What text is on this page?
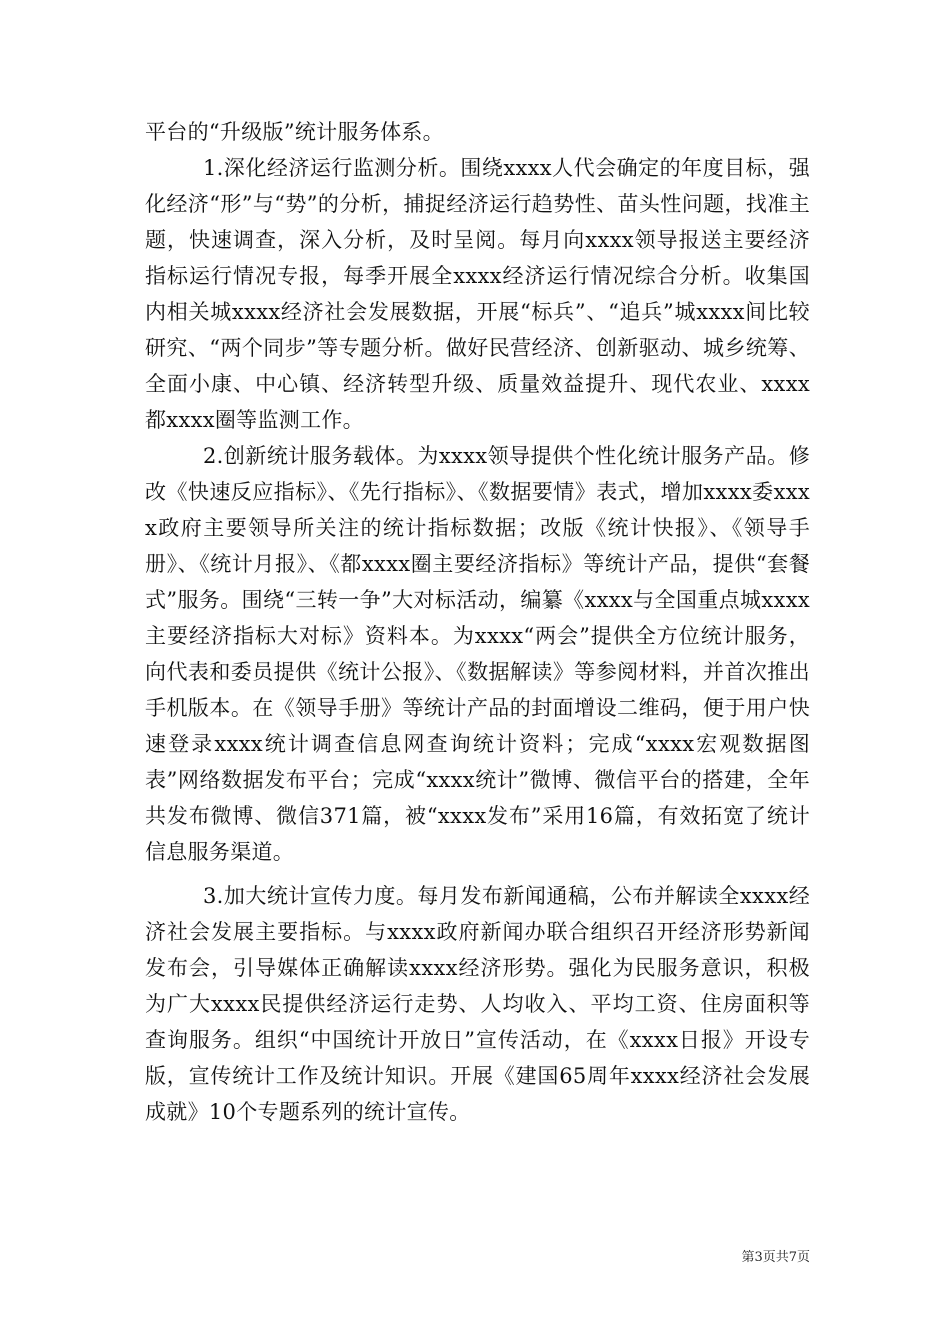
平台的“升级版”统计服务体系。

1.深化经济运行监测分析。围绕xxxx人代会确定的年度目标，强化经济“形”与“势”的分析，捕捉经济运行趋势性、苗头性问题，找准主题，快速调查，深入分析，及时呈阅。每月向xxxx领导报送主要经济指标运行情况专报，每季开展全xxxx经济运行情况综合分析。收集国内相关城xxxx经济社会发展数据，开展“标兵”、“追兵”城xxxx间比较研究、“两个同步”等专题分析。做好民营经济、创新驱动、城乡统筹、全面小康、中心镇、经济转型升级、质量效益提升、现代农业、xxxx都xxxx圈等监测工作。

2.创新统计服务载体。为xxxx领导提供个性化统计服务产品。修改《快速反应指标》、《先行指标》、《数据要情》表式，增加xxxx委xxxx政府主要领导所关注的统计指标数据；改版《统计快报》、《领导手册》、《统计月报》、《都xxxx圈主要经济指标》等统计产品，提供“套餐式”服务。围绕“三转一争”大对标活动，编纂《xxxx与全国重点城xxxx主要经济指标大对标》资料本。为xxxx“两会”提供全方位统计服务，向代表和委员提供《统计公报》、《数据解读》等参阅材料，并首次推出手机版本。在《领导手册》等统计产品的封面增设二维码，便于用户快速登录xxxx统计调查信息网查询统计资料；完成“xxxx宏观数据图表”网络数据发布平台；完成“xxxx统计”微博、微信平台的搭建，全年共发布微博、微信371篇，被“xxxx发布”采用16篇，有效拓宽了统计信息服务渠道。

3.加大统计宣传力度。每月发布新闻通稿，公布并解读全xxxx经济社会发展主要指标。与xxxx政府新闻办联合组织召开经济形势新闻发布会，引导媒体正确解读xxxx经济形势。强化为民服务意识，积极为广大xxxx民提供经济运行走势、人均收入、平均工资、住房面积等查询服务。组织“中国统计开放日”宣传活动，在《xxxx日报》开设专版，宣传统计工作及统计知识。开展《建国65周年xxxx经济社会发展成就》10个专题系列的统计宣传。

第3页共7页
